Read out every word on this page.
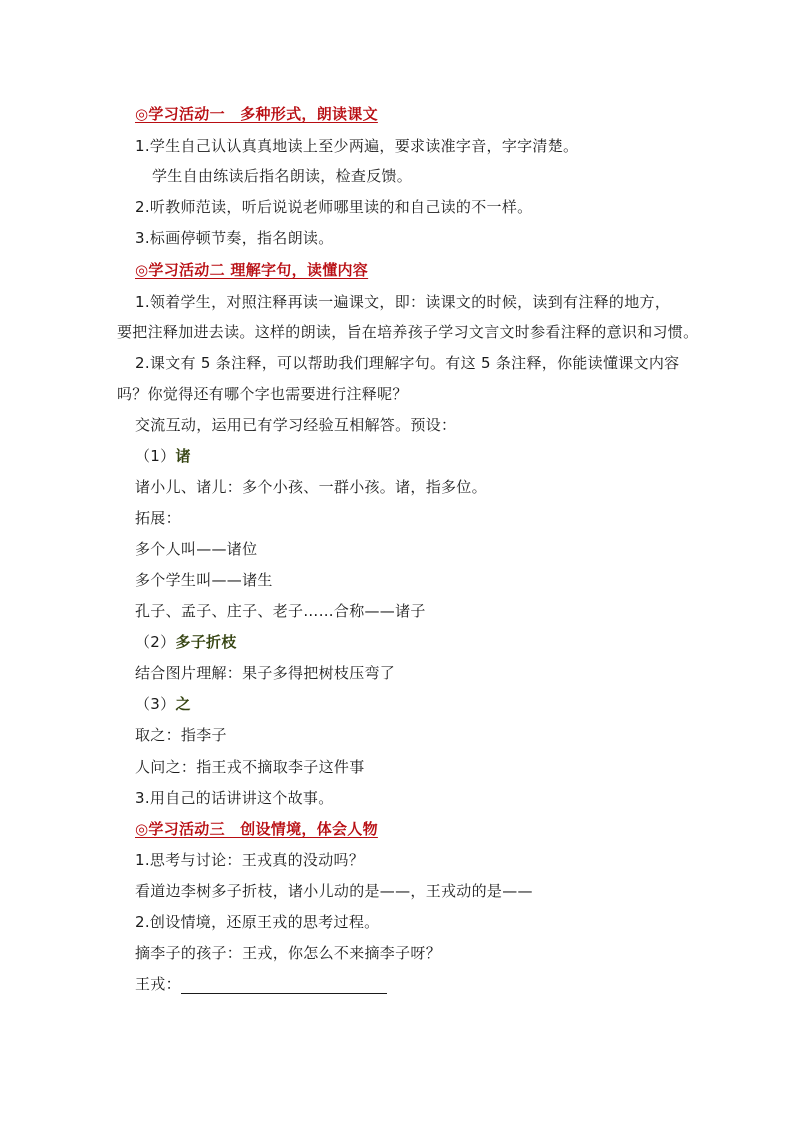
◎学习活动一　多种形式，朗读课文
1.学生自己认认真真地读上至少两遍，要求读准字音，字字清楚。
学生自由练读后指名朗读，检查反馈。
2.听教师范读，听后说说老师哪里读的和自己读的不一样。
3.标画停顿节奏，指名朗读。
◎学习活动二 理解字句，读懂内容
1.领着学生，对照注释再读一遍课文，即：读课文的时候，读到有注释的地方，
要把注释加进去读。这样的朗读，旨在培养孩子学习文言文时参看注释的意识和习惯。
2.课文有 5 条注释，可以帮助我们理解字句。有这 5 条注释，你能读懂课文内容
吗？你觉得还有哪个字也需要进行注释呢？
交流互动，运用已有学习经验互相解答。预设：
（1）诸
诸小儿、诸儿：多个小孩、一群小孩。诸，指多位。
拓展：
多个人叫——诸位
多个学生叫——诸生
孔子、孟子、庄子、老子……合称——诸子
（2）多子折枝
结合图片理解：果子多得把树枝压弯了
（3）之
取之：指李子
人问之：指王戎不摘取李子这件事
3.用自己的话讲讲这个故事。
◎学习活动三　创设情境，体会人物
1.思考与讨论：王戎真的没动吗？
看道边李树多子折枝，诸小儿动的是——，王戎动的是——
2.创设情境，还原王戎的思考过程。
摘李子的孩子：王戎，你怎么不来摘李子呀？
王戎：
